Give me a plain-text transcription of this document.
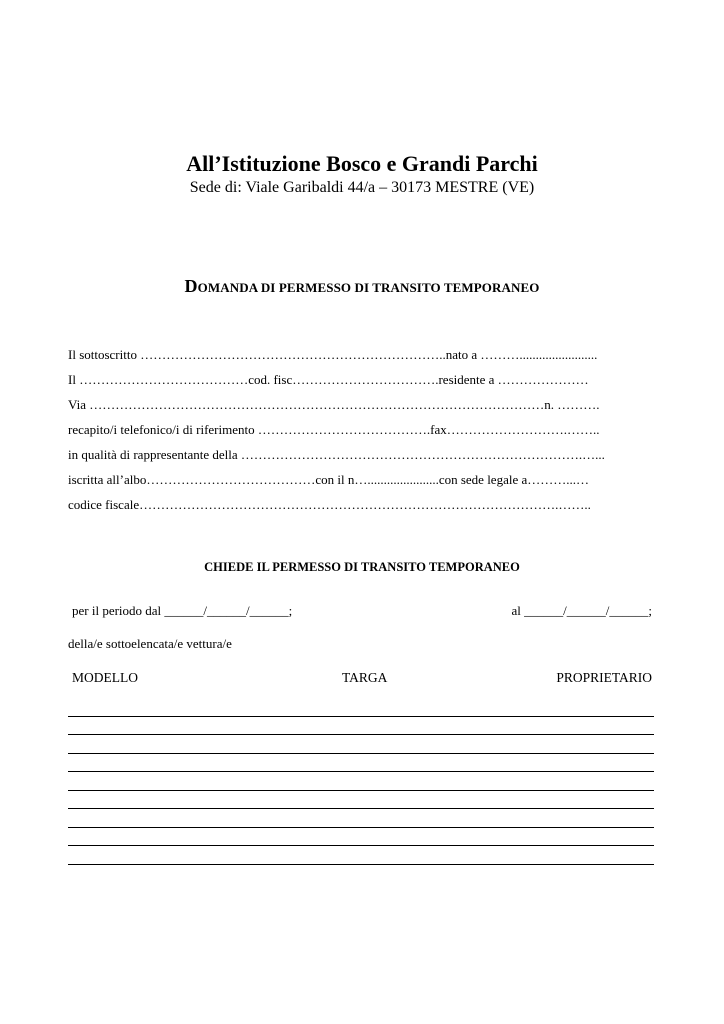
All’Istituzione Bosco e Grandi Parchi
Sede di: Viale Garibaldi 44/a – 30173 MESTRE (VE)
DOMANDA DI PERMESSO DI TRANSITO TEMPORANEO
Il sottoscritto ……………………………………………………………..nato a ………........................
Il …………………………………cod. fisc…………………………….residente a …………………
Via ……………………………………………………………………………………………n. ……….
recapito/i telefonico/i di riferimento ………………………………….fax……………………….……..
in qualità di rappresentante della …………………………………………………………………….…...
iscritta all’albo…………………………………con il n…......................con sede legale a………...…
codice fiscale…………………………………………………………………………………….……..
CHIEDE IL PERMESSO DI TRANSITO TEMPORANEO
per il periodo dal ______/______/______;	al ______/______/______;
della/e sottoelencata/e vettura/e
MODELLO	TARGA	PROPRIETARIO
